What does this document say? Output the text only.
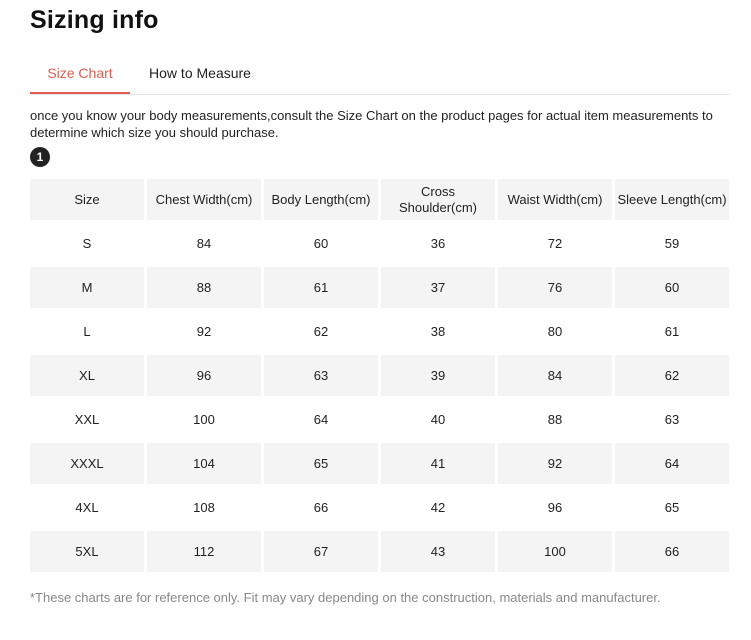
Sizing info
Size Chart	How to Measure
once you know your body measurements,consult the Size Chart on the product pages for actual item measurements to determine which size you should purchase.
1
Size	Chest Width(cm)	Body Length(cm)	Cross Shoulder(cm)	Waist Width(cm)	Sleeve Length(cm)
S	84	60	36	72	59
M	88	61	37	76	60
L	92	62	38	80	61
XL	96	63	39	84	62
XXL	100	64	40	88	63
XXXL	104	65	41	92	64
4XL	108	66	42	96	65
5XL	112	67	43	100	66
*These charts are for reference only. Fit may vary depending on the construction, materials and manufacturer.
